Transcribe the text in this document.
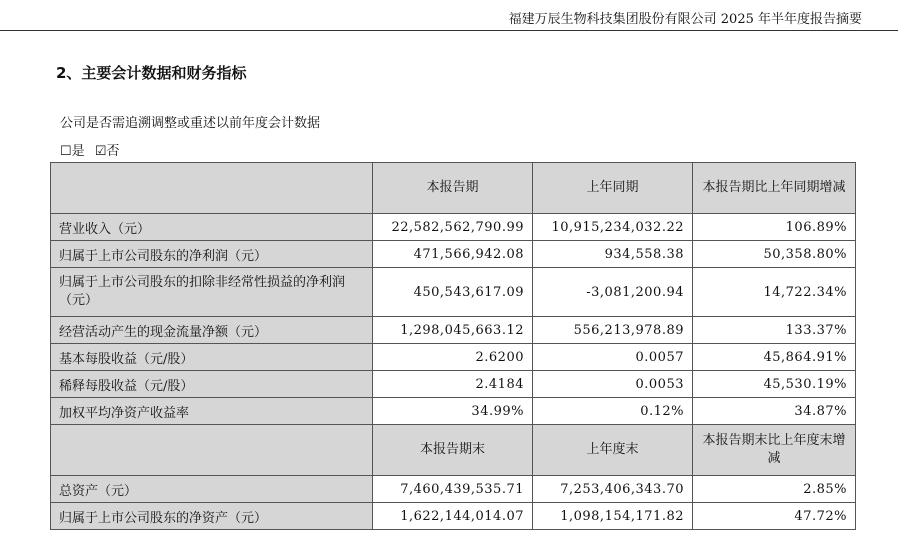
福建万辰生物科技集团股份有限公司 2025 年半年度报告摘要
2、主要会计数据和财务指标
公司是否需追溯调整或重述以前年度会计数据
☐是 ☑否
	本报告期	上年同期	本报告期比上年同期增减
营业收入（元）	22,582,562,790.99	10,915,234,032.22	106.89%
归属于上市公司股东的净利润（元）	471,566,942.08	934,558.38	50,358.80%
归属于上市公司股东的扣除非经常性损益的净利润（元）	450,543,617.09	-3,081,200.94	14,722.34%
经营活动产生的现金流量净额（元）	1,298,045,663.12	556,213,978.89	133.37%
基本每股收益（元/股）	2.6200	0.0057	45,864.91%
稀释每股收益（元/股）	2.4184	0.0053	45,530.19%
加权平均净资产收益率	34.99%	0.12%	34.87%
	本报告期末	上年度末	本报告期末比上年度末增减
总资产（元）	7,460,439,535.71	7,253,406,343.70	2.85%
归属于上市公司股东的净资产（元）	1,622,144,014.07	1,098,154,171.82	47.72%
